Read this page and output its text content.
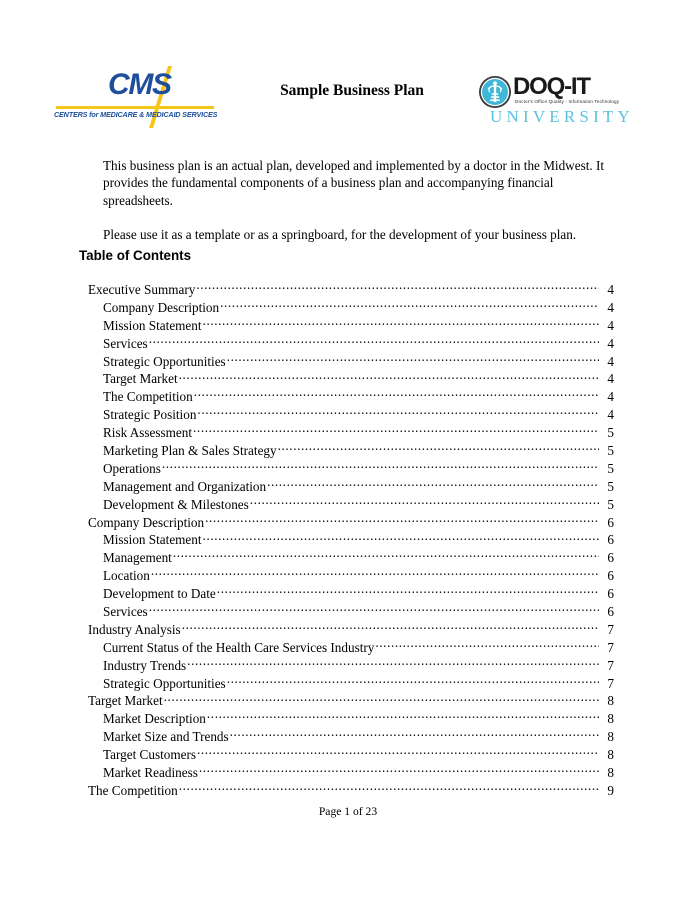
CMS
CENTERS for MEDICARE & MEDICAID SERVICES
Sample Business Plan	DOQ-IT
Doctor's Office Quality - Information Technology
UNIVERSITY

This business plan is an actual plan, developed and implemented by a doctor in the Midwest. It provides the fundamental components of a business plan and accompanying financial spreadsheets.

Please use it as a template or as a springboard, for the development of your business plan.

Table of Contents
Executive Summary .....	4
Company Description .....	4
Mission Statement .....	4
Services .....	4
Strategic Opportunities .....	4
Target Market .....	4
The Competition .....	4
Strategic Position .....	4
Risk Assessment .....	5
Marketing Plan & Sales Strategy .....	5
Operations .....	5
Management and Organization .....	5
Development & Milestones .....	5
Company Description .....	6
Mission Statement .....	6
Management .....	6
Location .....	6
Development to Date .....	6
Services .....	6
Industry Analysis .....	7
Current Status of the Health Care Services Industry .....	7
Industry Trends .....	7
Strategic Opportunities .....	7
Target Market .....	8
Market Description .....	8
Market Size and Trends .....	8
Target Customers .....	8
Market Readiness .....	8
The Competition .....	9
Page 1 of 23
